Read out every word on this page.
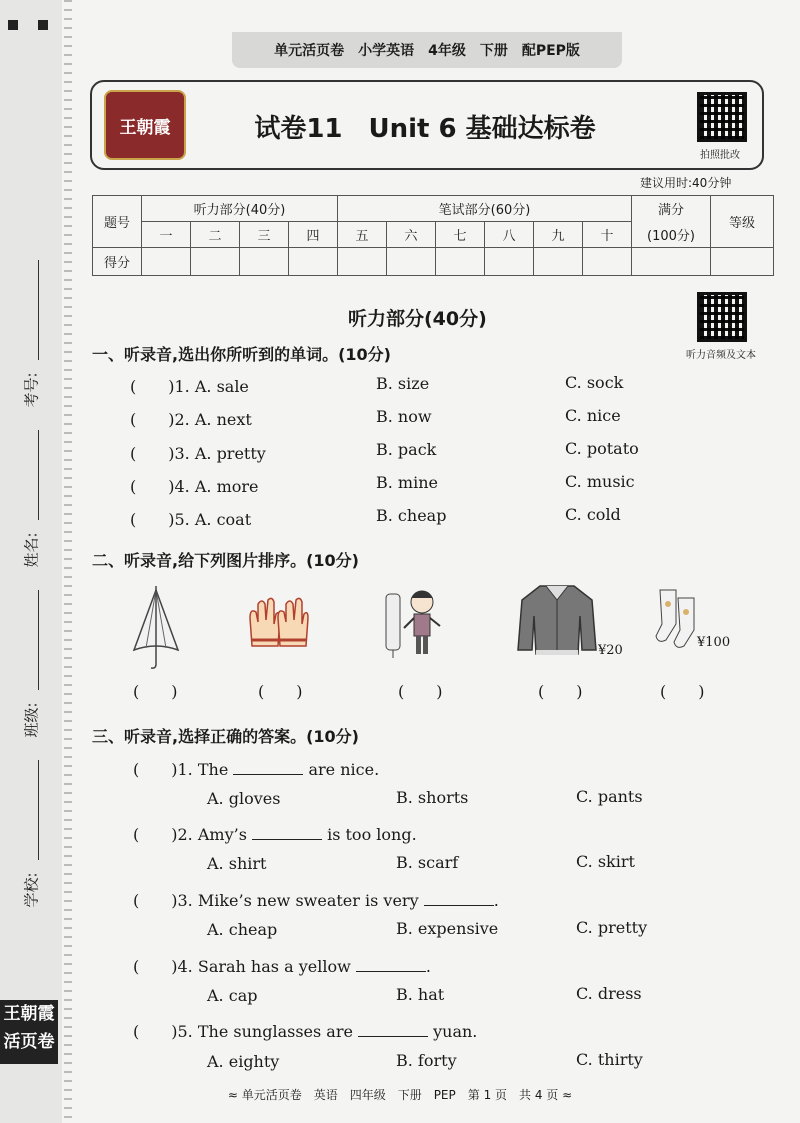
考号:
姓名:
班级:
学校:
王朝霞
活页卷
单元活页卷　小学英语　4年级　下册　配PEP版
王朝霞	试卷11　Unit 6 基础达标卷
拍照批改
建议用时:40分钟
题号	听力部分(40分)				笔试部分(60分)						满分	等级
	一	二	三	四	五	六	七	八	九	十	(100分)	
得分												
听力部分(40分)
听力音频及文本
一、听录音,选出你所听到的单词。(10分)
(　　)1. A. sale	B. size	C. sock
(　　)2. A. next	B. now	C. nice
(　　)3. A. pretty	B. pack	C. potato
(　　)4. A. more	B. mine	C. music
(　　)5. A. coat	B. cheap	C. cold
二、听录音,给下列图片排序。(10分)
¥20
¥100
(　　)	(　　)	(　　)	(　　)	(　　)
三、听录音,选择正确的答案。(10分)
(　　)1. The	are nice.
A. gloves	B. shorts	C. pants
(　　)2. Amy’s	is too long.
A. shirt	B. scarf	C. skirt
(　　)3. Mike’s new sweater is very	.
A. cheap	B. expensive	C. pretty
(　　)4. Sarah has a yellow	.
A. cap	B. hat	C. dress
(　　)5. The sunglasses are	yuan.
A. eighty	B. forty	C. thirty
≈ 单元活页卷　英语　四年级　下册　PEP　第 1 页　共 4 页 ≈
